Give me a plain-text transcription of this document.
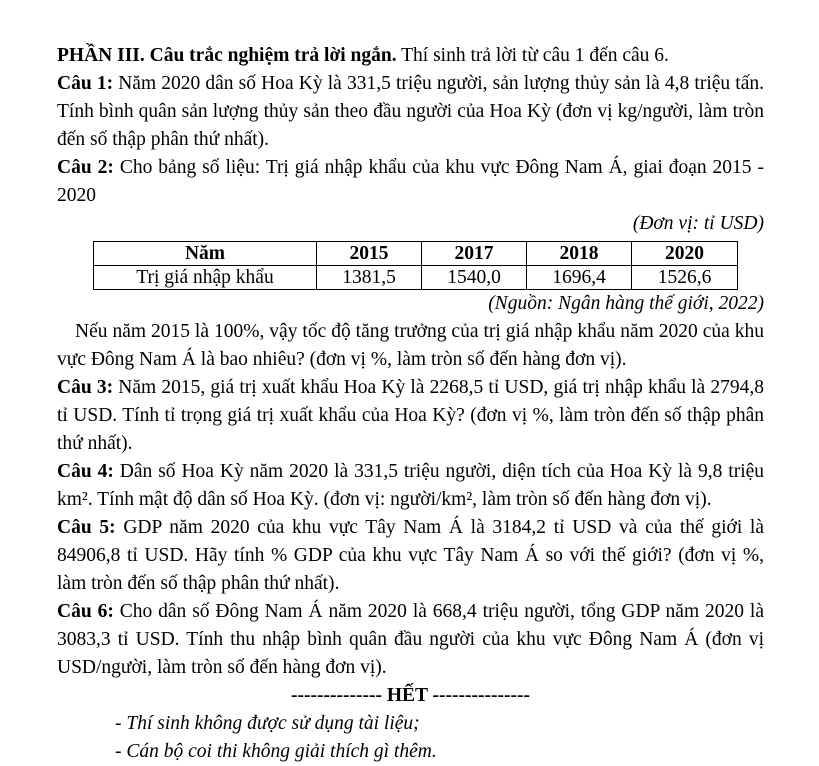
PHẦN III. Câu trắc nghiệm trả lời ngắn. Thí sinh trả lời từ câu 1 đến câu 6.

Câu 1: Năm 2020 dân số Hoa Kỳ là 331,5 triệu người, sản lượng thủy sản là 4,8 triệu tấn. Tính bình quân sản lượng thủy sản theo đầu người của Hoa Kỳ (đơn vị kg/người, làm tròn đến số thập phân thứ nhất).

Câu 2: Cho bảng số liệu: Trị giá nhập khẩu của khu vực Đông Nam Á, giai đoạn 2015 - 2020

(Đơn vị: tỉ USD)
Năm	2015	2017	2018	2020
Trị giá nhập khẩu	1381,5	1540,0	1696,4	1526,6
(Nguồn: Ngân hàng thế giới, 2022)

Nếu năm 2015 là 100%, vậy tốc độ tăng trưởng của trị giá nhập khẩu năm 2020 của khu vực Đông Nam Á là bao nhiêu? (đơn vị %, làm tròn số đến hàng đơn vị).

Câu 3: Năm 2015, giá trị xuất khẩu Hoa Kỳ là 2268,5 tỉ USD, giá trị nhập khẩu là 2794,8 tỉ USD. Tính tỉ trọng giá trị xuất khẩu của Hoa Kỳ? (đơn vị %, làm tròn đến số thập phân thứ nhất).

Câu 4: Dân số Hoa Kỳ năm 2020 là 331,5 triệu người, diện tích của Hoa Kỳ là 9,8 triệu km². Tính mật độ dân số Hoa Kỳ. (đơn vị: người/km², làm tròn số đến hàng đơn vị).

Câu 5: GDP năm 2020 của khu vực Tây Nam Á là 3184,2 tỉ USD và của thế giới là 84906,8 tỉ USD. Hãy tính % GDP của khu vực Tây Nam Á so với thế giới? (đơn vị %, làm tròn đến số thập phân thứ nhất).

Câu 6: Cho dân số Đông Nam Á năm 2020 là 668,4 triệu người, tổng GDP năm 2020 là 3083,3 tỉ USD. Tính thu nhập bình quân đầu người của khu vực Đông Nam Á (đơn vị USD/người, làm tròn số đến hàng đơn vị).

-------------- HẾT ---------------

- Thí sinh không được sử dụng tài liệu;

- Cán bộ coi thi không giải thích gì thêm.
